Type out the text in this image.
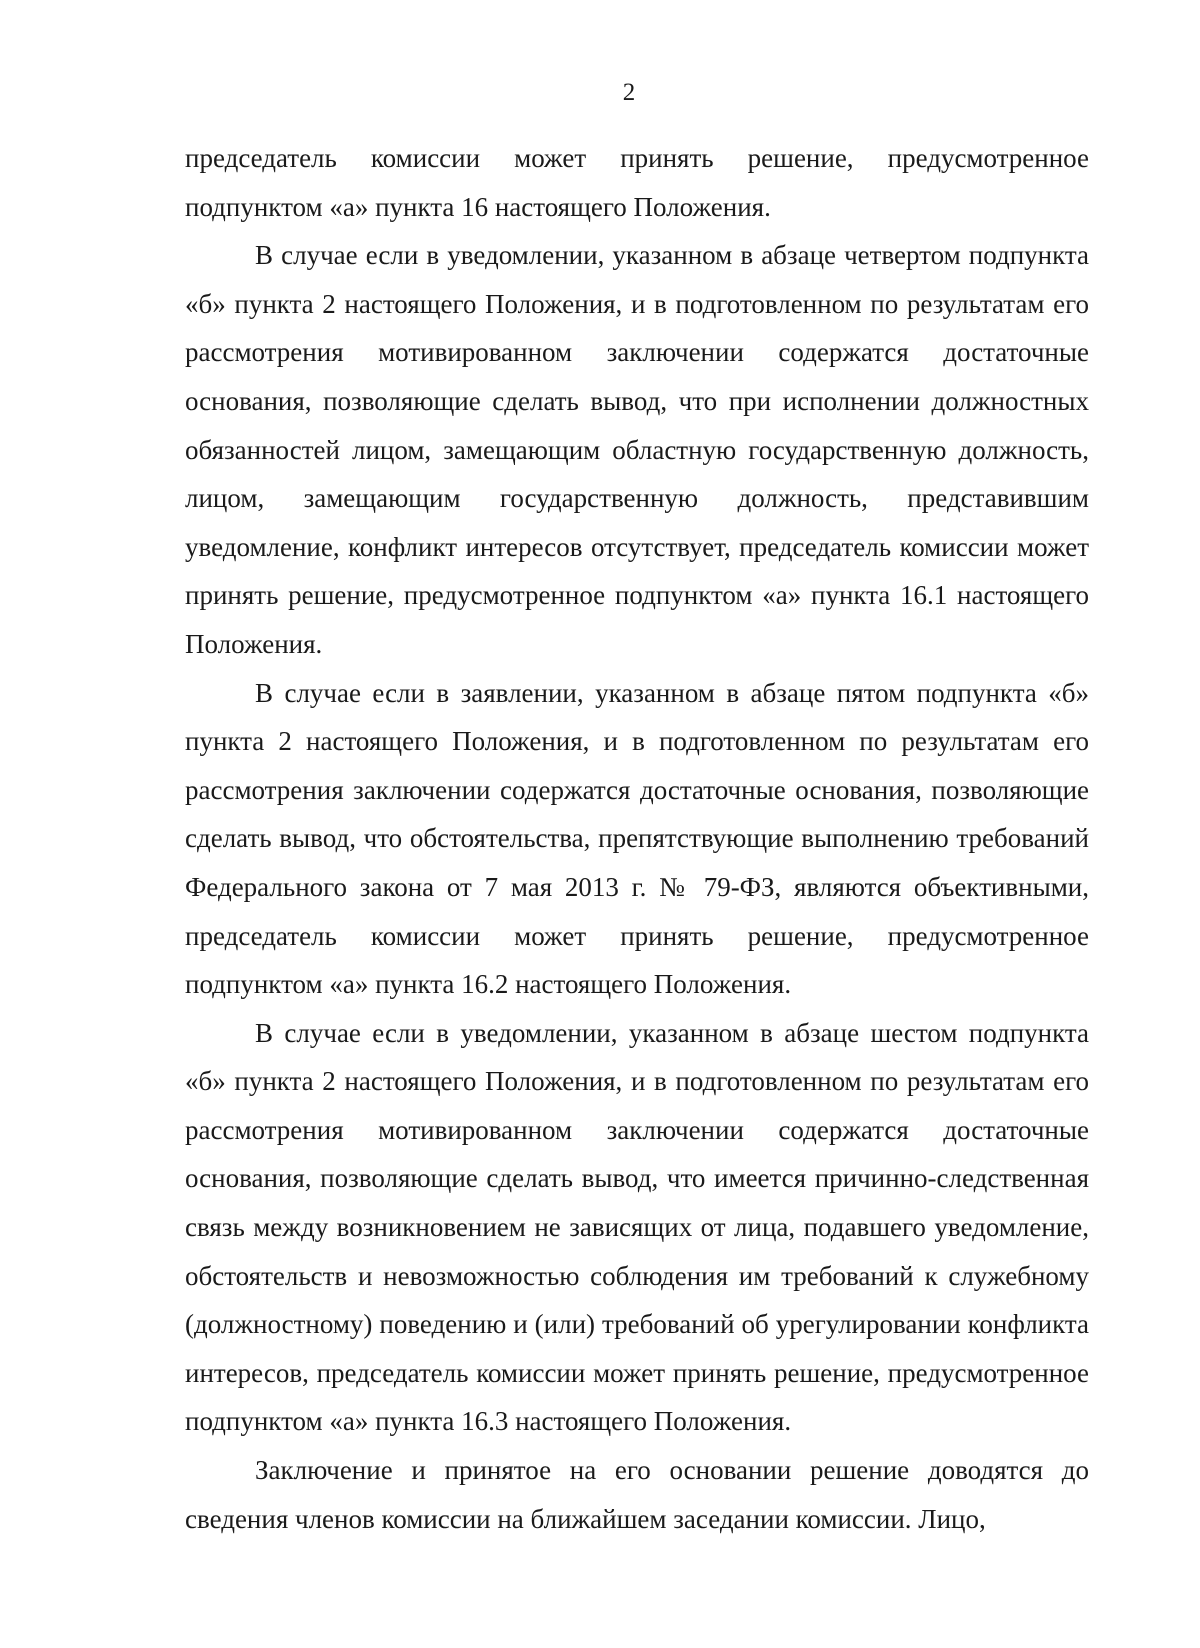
2

председатель комиссии может принять решение, предусмотренное подпунктом «а» пункта 16 настоящего Положения.

В случае если в уведомлении, указанном в абзаце четвертом подпункта «б» пункта 2 настоящего Положения, и в подготовленном по результатам его рассмотрения мотивированном заключении содержатся достаточные основания, позволяющие сделать вывод, что при исполнении должностных обязанностей лицом, замещающим областную государственную должность, лицом, замещающим государственную должность, представившим уведомление, конфликт интересов отсутствует, председатель комиссии может принять решение, предусмотренное подпунктом «а» пункта 16.1 настоящего Положения.

В случае если в заявлении, указанном в абзаце пятом подпункта «б» пункта 2 настоящего Положения, и в подготовленном по результатам его рассмотрения заключении содержатся достаточные основания, позволяющие сделать вывод, что обстоятельства, препятствующие выполнению требований Федерального закона от 7 мая 2013 г. № 79-ФЗ, являются объективными, председатель комиссии может принять решение, предусмотренное подпунктом «а» пункта 16.2 настоящего Положения.

В случае если в уведомлении, указанном в абзаце шестом подпункта «б» пункта 2 настоящего Положения, и в подготовленном по результатам его рассмотрения мотивированном заключении содержатся достаточные основания, позволяющие сделать вывод, что имеется причинно-следственная связь между возникновением не зависящих от лица, подавшего уведомление, обстоятельств и невозможностью соблюдения им требований к служебному (должностному) поведению и (или) требований об урегулировании конфликта интересов, председатель комиссии может принять решение, предусмотренное подпунктом «а» пункта 16.3 настоящего Положения.

Заключение и принятое на его основании решение доводятся до сведения членов комиссии на ближайшем заседании комиссии. Лицо,
